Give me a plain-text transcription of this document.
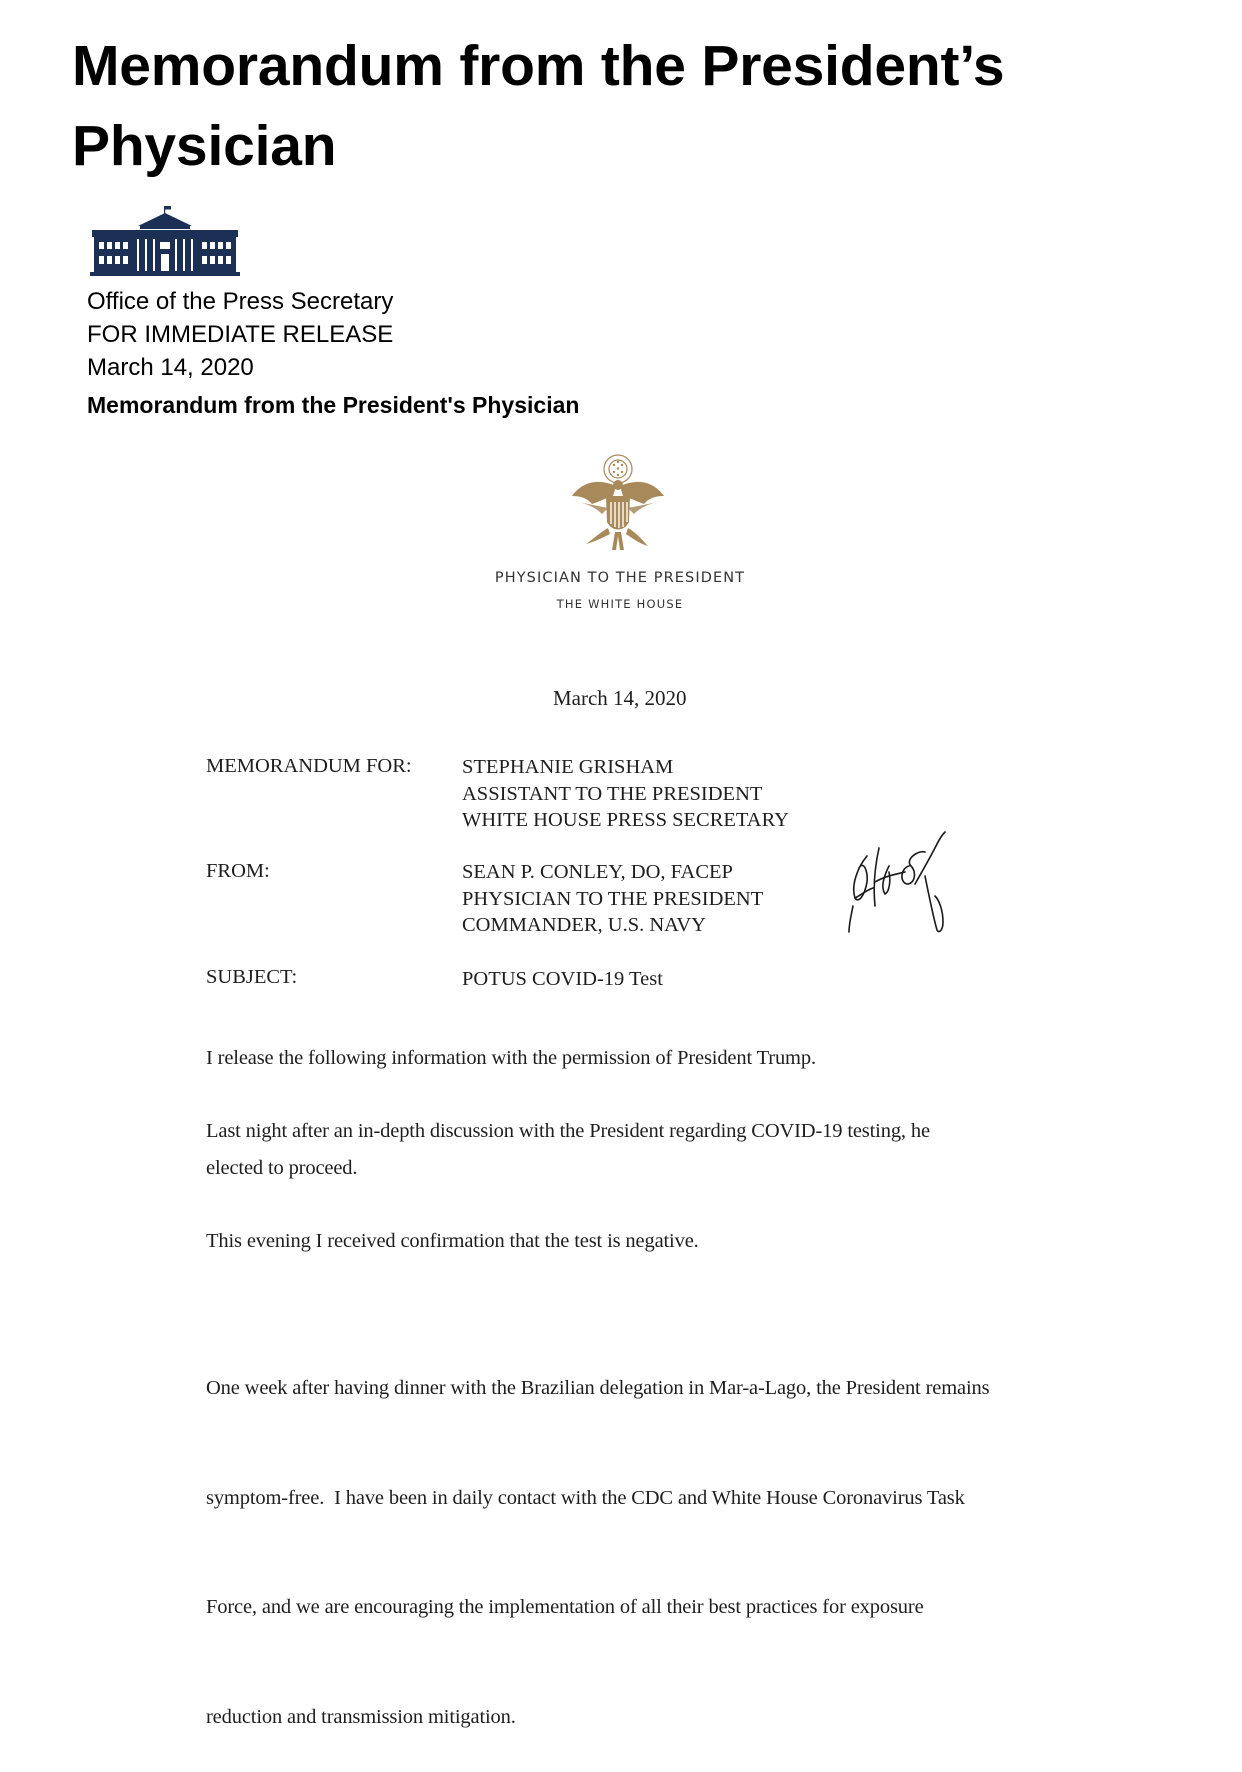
Memorandum from the President’s Physician
Office of the Press Secretary
FOR IMMEDIATE RELEASE
March 14, 2020
Memorandum from the President's Physician
PHYSICIAN TO THE PRESIDENT
THE WHITE HOUSE
March 14, 2020
MEMORANDUM FOR: STEPHANIE GRISHAM
ASSISTANT TO THE PRESIDENT
WHITE HOUSE PRESS SECRETARY
FROM:	SEAN P. CONLEY, DO, FACEP
PHYSICIAN TO THE PRESIDENT
COMMANDER, U.S. NAVY
SUBJECT:	POTUS COVID-19 Test
I release the following information with the permission of President Trump.
Last night after an in-depth discussion with the President regarding COVID-19 testing, he
elected to proceed.
This evening I received confirmation that the test is negative.

One week after having dinner with the Brazilian delegation in Mar-a-Lago, the President remains

symptom-free.  I have been in daily contact with the CDC and White House Coronavirus Task

Force, and we are encouraging the implementation of all their best practices for exposure

reduction and transmission mitigation.
